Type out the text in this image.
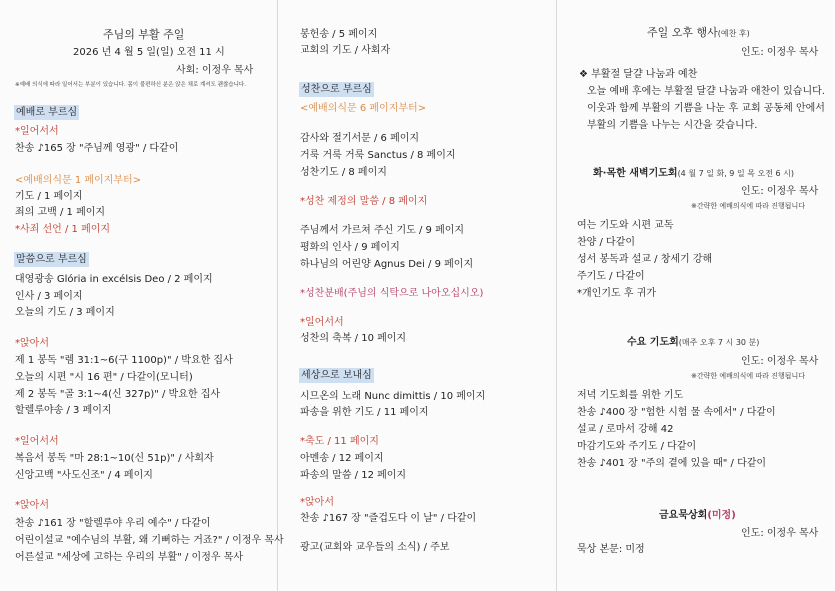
주님의 부활 주일
2026 년 4 월 5 일(일) 오전 11 시
사회: 이정우 목사
※예배 의식에 따라 일어서는 부분이 있습니다. 몸이 불편하신 분은 앉은 채로 계셔도 괜찮습니다.
예배로 부르심
*일어서서
찬송 ♪165 장 "주님께 영광" / 다같이
<예배의식문 1 페이지부터>
기도 / 1 페이지
죄의 고백 / 1 페이지
*사죄 선언 / 1 페이지
말씀으로 부르심
대영광송 Glória in excélsis Deo / 2 페이지
인사 / 3 페이지
오늘의 기도 / 3 페이지
*앉아서
제 1 봉독 "렘 31:1~6(구 1100p)" / 박요한 집사
오늘의 시편 "시 16 편" / 다같이(모니터)
제 2 봉독 "골 3:1~4(신 327p)" / 박요한 집사
할렐루야송 / 3 페이지
*일어서서
복음서 봉독 "마 28:1~10(신 51p)" / 사회자
신앙고백 "사도신조" / 4 페이지
*앉아서
찬송 ♪161 장 "할렐루야 우리 예수" / 다같이
어린이설교 "예수님의 부활, 왜 기뻐하는 거죠?" / 이정우 목사
어른설교 "세상에 고하는 우리의 부활" / 이정우 목사
봉헌송 / 5 페이지
교회의 기도 / 사회자
성찬으로 부르심
<예배의식문 6 페이지부터>
감사와 절기서문 / 6 페이지
거룩 거룩 거룩 Sanctus / 8 페이지
성찬기도 / 8 페이지
*성찬 제정의 말씀 / 8 페이지
주님께서 가르쳐 주신 기도 / 9 페이지
평화의 인사 / 9 페이지
하나님의 어린양 Agnus Dei / 9 페이지
*성찬분배(주님의 식탁으로 나아오십시오)
*일어서서
성찬의 축복 / 10 페이지
세상으로 보내심
시므온의 노래 Nunc dimittis / 10 페이지
파송을 위한 기도 / 11 페이지
*축도 / 11 페이지
아멘송 / 12 페이지
파송의 말씀 / 12 페이지
*앉아서
찬송 ♪167 장 "즐겁도다 이 날" / 다같이
광고(교회와 교우들의 소식) / 주보
주일 오후 행사(예찬 후)
인도: 이정우 목사
❖ 부활절 달걀 나눔과 예찬
오늘 예배 후에는 부활절 달걀 나눔과 애찬이 있습니다.
이웃과 함께 부활의 기쁨을 나눈 후 교회 공동체 안에서
부활의 기쁨을 나누는 시간을 갖습니다.
화·목한 새벽기도회(4 월 7 일 화, 9 일 목 오전 6 시)
인도: 이정우 목사
※간략한 예배의식에 따라 진행됩니다
여는 기도와 시편 교독
찬양 / 다같이
성서 봉독과 설교 / 창세기 강해
주기도 / 다같이
*개인기도 후 귀가
수요 기도회(매주 오후 7 시 30 분)
인도: 이정우 목사
※간략한 예배의식에 따라 진행됩니다
저녁 기도회를 위한 기도
찬송 ♪400 장 "험한 시험 물 속에서" / 다같이
설교 / 로마서 강해 42
마감기도와 주기도 / 다같이
찬송 ♪401 장 "주의 곁에 있을 때" / 다같이
금요묵상회(미정)
인도: 이정우 목사
묵상 본문: 미정
